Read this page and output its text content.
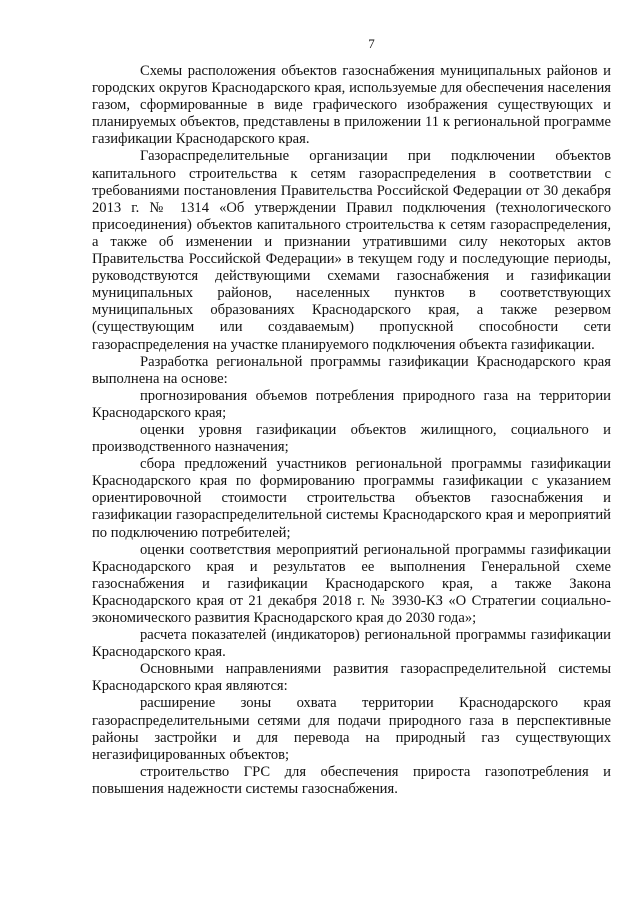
7

Схемы расположения объектов газоснабжения муниципальных районов и городских округов Краснодарского края, используемые для обеспечения населения газом, сформированные в виде графического изображения существующих и планируемых объектов, представлены в приложении 11 к региональной программе газификации Краснодарского края.

Газораспределительные организации при подключении объектов капитального строительства к сетям газораспределения в соответствии с требованиями постановления Правительства Российской Федерации от 30 декабря 2013 г. № 1314 «Об утверждении Правил подключения (технологического присоединения) объектов капитального строительства к сетям газораспределения, а также об изменении и признании утратившими силу некоторых актов Правительства Российской Федерации» в текущем году и последующие периоды, руководствуются действующими схемами газоснабжения и газификации муниципальных районов, населенных пунктов в соответствующих муниципальных образованиях Краснодарского края, а также резервом (существующим или создаваемым) пропускной способности сети газораспределения на участке планируемого подключения объекта газификации.

Разработка региональной программы газификации Краснодарского края выполнена на основе:

прогнозирования объемов потребления природного газа на территории Краснодарского края;

оценки уровня газификации объектов жилищного, социального и производственного назначения;

сбора предложений участников региональной программы газификации Краснодарского края по формированию программы газификации с указанием ориентировочной стоимости строительства объектов газоснабжения и газификации газораспределительной системы Краснодарского края и мероприятий по подключению потребителей;

оценки соответствия мероприятий региональной программы газификации Краснодарского края и результатов ее выполнения Генеральной схеме газоснабжения и газификации Краснодарского края, а также Закона Краснодарского края от 21 декабря 2018 г. № 3930-КЗ «О Стратегии социально-экономического развития Краснодарского края до 2030 года»;

расчета показателей (индикаторов) региональной программы газификации Краснодарского края.

Основными направлениями развития газораспределительной системы Краснодарского края являются:

расширение зоны охвата территории Краснодарского края газораспределительными сетями для подачи природного газа в перспективные районы застройки и для перевода на природный газ существующих негазифицированных объектов;

строительство ГРС для обеспечения прироста газопотребления и повышения надежности системы газоснабжения.
